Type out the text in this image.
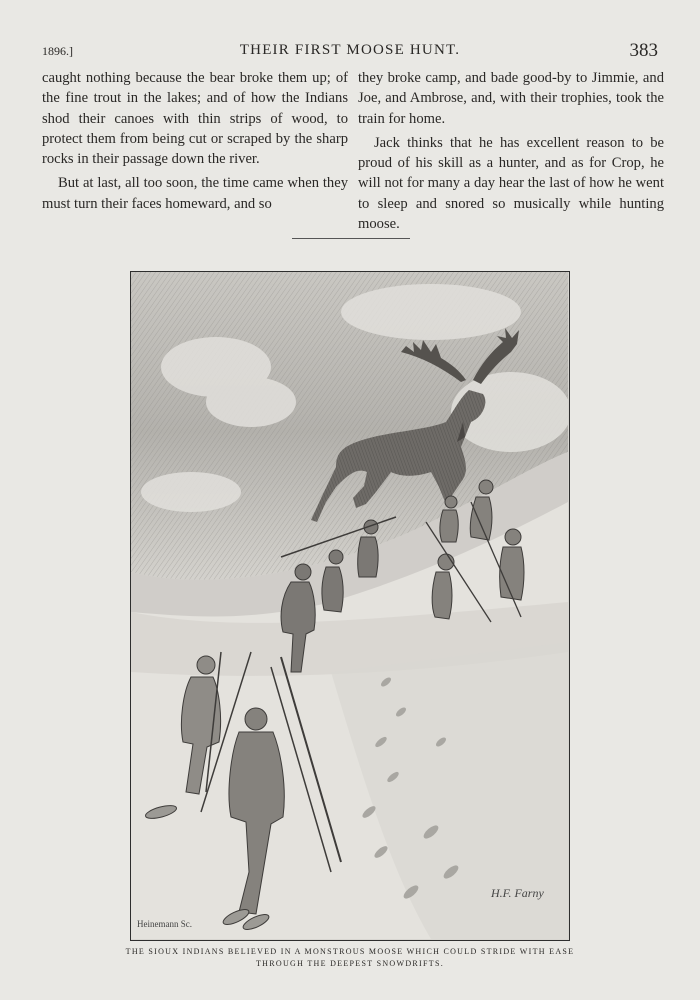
1896.]	THEIR FIRST MOOSE HUNT.	383

caught nothing because the bear broke them up; of the fine trout in the lakes; and of how the Indians shod their canoes with thin strips of wood, to protect them from being cut or scraped by the sharp rocks in their passage down the river.

But at last, all too soon, the time came when they must turn their faces homeward, and so

they broke camp, and bade good-by to Jimmie, and Joe, and Ambrose, and, with their trophies, took the train for home.

Jack thinks that he has excellent reason to be proud of his skill as a hunter, and as for Crop, he will not for many a day hear the last of how he went to sleep and snored so musically while hunting moose.

Heinemann Sc.
H.F. Farny
THE SIOUX INDIANS BELIEVED IN A MONSTROUS MOOSE WHICH COULD STRIDE WITH EASE
THROUGH THE DEEPEST SNOWDRIFTS.
